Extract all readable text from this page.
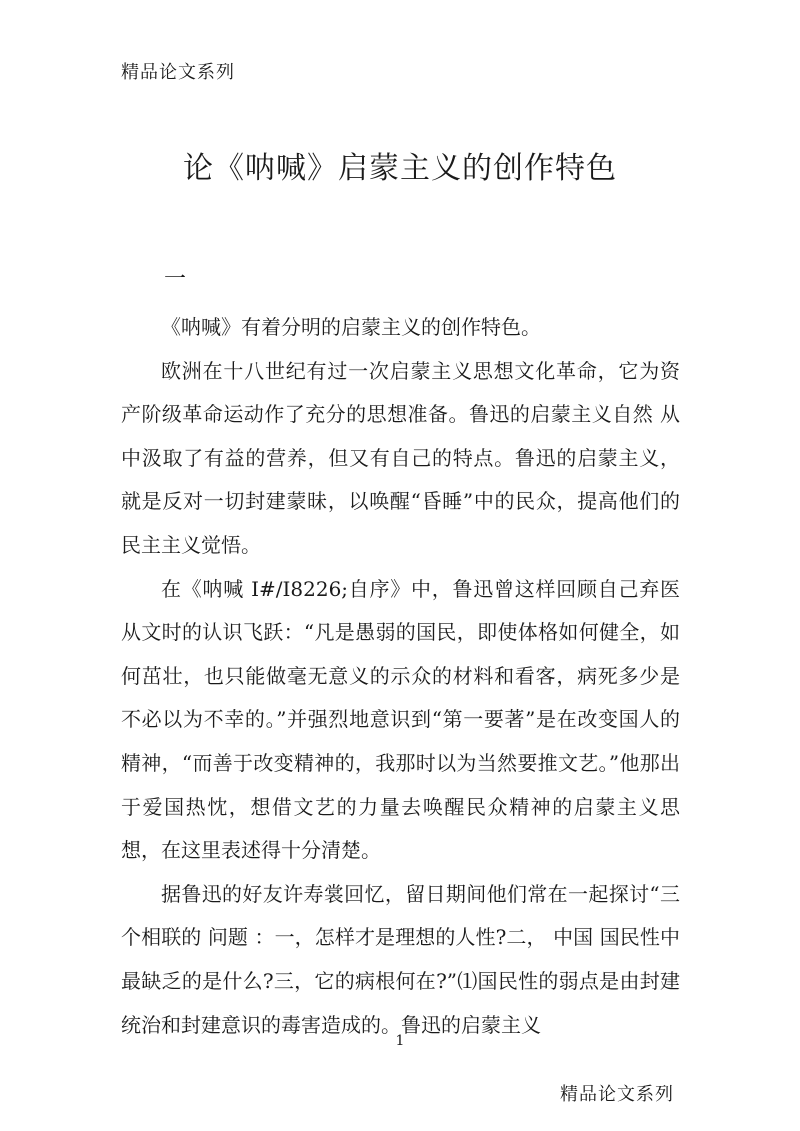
精品论文系列
论《呐喊》启蒙主义的创作特色
一

《呐喊》有着分明的启蒙主义的创作特色。

欧洲在十八世纪有过一次启蒙主义思想文化革命，它为资产阶级革命运动作了充分的思想准备。鲁迅的启蒙主义自然 从中汲取了有益的营养，但又有自己的特点。鲁迅的启蒙主义，就是反对一切封建蒙昧，以唤醒“昏睡”中的民众，提高他们的民主主义觉悟。

在《呐喊 I#/I8226;自序》中，鲁迅曾这样回顾自己弃医从文时的认识飞跃：“凡是愚弱的国民，即使体格如何健全，如何茁壮，也只能做毫无意义的示众的材料和看客，病死多少是不必以为不幸的。”并强烈地意识到“第一要著”是在改变国人的精神，“而善于改变精神的，我那时以为当然要推文艺。”他那出于爱国热忱，想借文艺的力量去唤醒民众精神的启蒙主义思想，在这里表述得十分清楚。

据鲁迅的好友许寿裳回忆，留日期间他们常在一起探讨“三个相联的 问题 ：一，怎样才是理想的人性?二， 中国 国民性中最缺乏的是什么?三，它的病根何在?”⑴国民性的弱点是由封建统治和封建意识的毒害造成的。鲁迅的启蒙主义

1
精品论文系列
